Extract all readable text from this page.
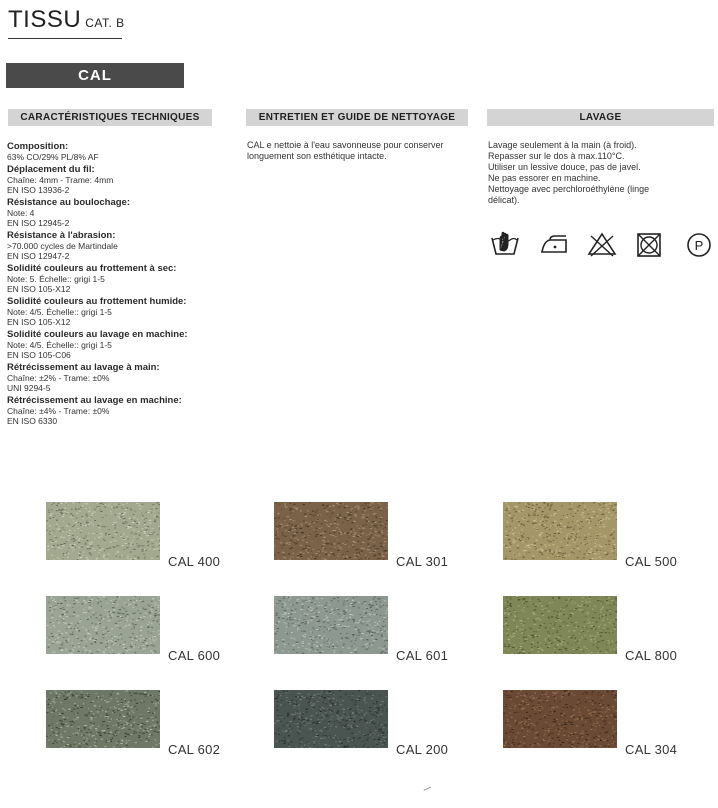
TISSU CAT. B
CAL
CARACTÉRISTIQUES TECHNIQUES	ENTRETIEN ET GUIDE DE NETTOYAGE	LAVAGE
Composition:
63% CO/29% PL/8% AF
Déplacement du fil:
Chaîne: 4mm - Trame: 4mm
EN ISO 13936-2
Résistance au boulochage:
Note: 4
EN ISO 12945-2
Résistance à l'abrasion:
>70.000 cycles de Martindale
EN ISO 12947-2
Solidité couleurs au frottement à sec:
Note: 5. Échelle:: grigi 1-5
EN ISO 105-X12
Solidité couleurs au frottement humide:
Note: 4/5. Échelle:: grigi 1-5
EN ISO 105-X12
Solidité couleurs au lavage en machine:
Note: 4/5. Échelle:: grigi 1-5
EN ISO 105-C06
Rétrécissement au lavage à main:
Chaîne: ±2% - Trame: ±0%
UNI 9294-5
Rétrécissement au lavage en machine:
Chaîne: ±4% - Trame: ±0%
EN ISO 6330
CAL e nettoie à l'eau savonneuse pour conserver longuement son esthétique intacte.
Lavage seulement à la main (à froid).
Repasser sur le dos à max.110°C.
Utiliser un lessive douce, pas de javel.
Ne pas essorer en machine.
Nettoyage avec perchloroéthylène (linge
délicat).
P
CAL 400	CAL 301	CAL 500
CAL 600	CAL 601	CAL 800
CAL 602	CAL 200	CAL 304
